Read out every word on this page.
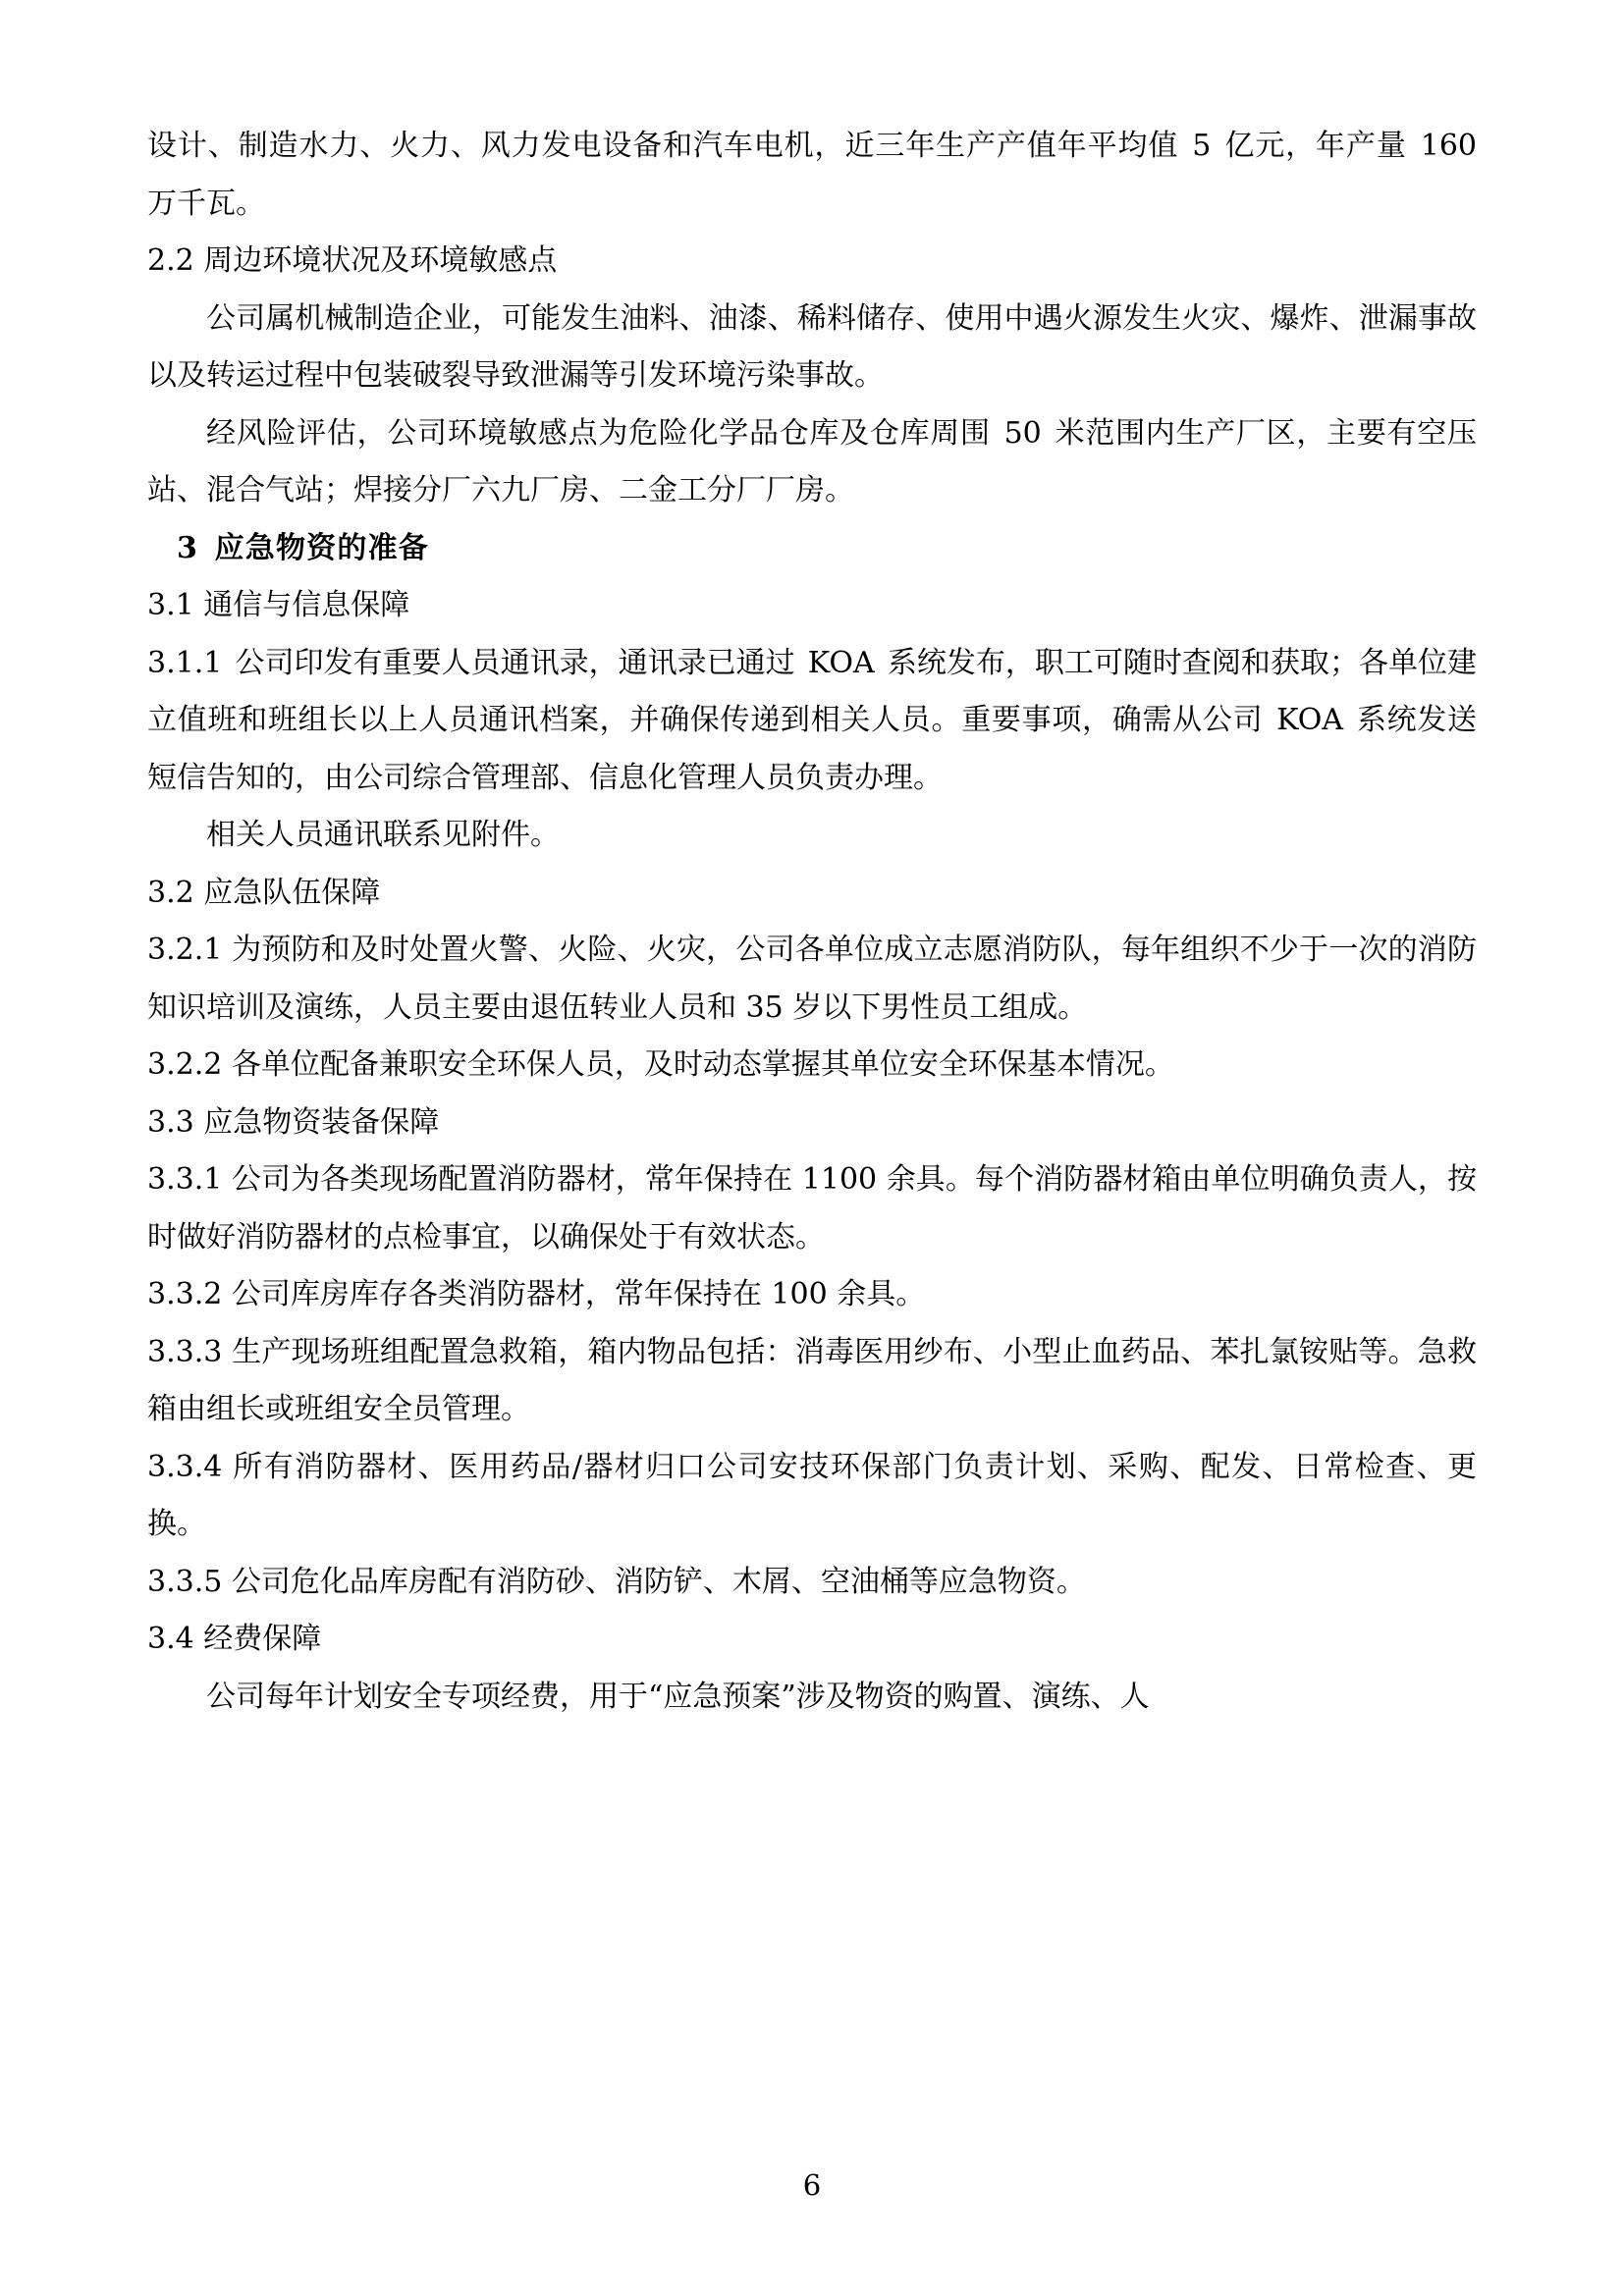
设计、制造水力、火力、风力发电设备和汽车电机，近三年生产产值年平均值 5 亿元，年产量 160 万千瓦。

2.2 周边环境状况及环境敏感点

公司属机械制造企业，可能发生油料、油漆、稀料储存、使用中遇火源发生火灾、爆炸、泄漏事故以及转运过程中包装破裂导致泄漏等引发环境污染事故。

经风险评估，公司环境敏感点为危险化学品仓库及仓库周围 50 米范围内生产厂区，主要有空压站、混合气站；焊接分厂六九厂房、二金工分厂厂房。

3 应急物资的准备

3.1 通信与信息保障

3.1.1 公司印发有重要人员通讯录，通讯录已通过 KOA 系统发布，职工可随时查阅和获取；各单位建立值班和班组长以上人员通讯档案，并确保传递到相关人员。重要事项，确需从公司 KOA 系统发送短信告知的，由公司综合管理部、信息化管理人员负责办理。

相关人员通讯联系见附件。

3.2 应急队伍保障

3.2.1 为预防和及时处置火警、火险、火灾，公司各单位成立志愿消防队，每年组织不少于一次的消防知识培训及演练，人员主要由退伍转业人员和 35 岁以下男性员工组成。

3.2.2 各单位配备兼职安全环保人员，及时动态掌握其单位安全环保基本情况。

3.3 应急物资装备保障

3.3.1 公司为各类现场配置消防器材，常年保持在 1100 余具。每个消防器材箱由单位明确负责人，按时做好消防器材的点检事宜，以确保处于有效状态。

3.3.2 公司库房库存各类消防器材，常年保持在 100 余具。

3.3.3 生产现场班组配置急救箱，箱内物品包括：消毒医用纱布、小型止血药品、苯扎氯铵贴等。急救箱由组长或班组安全员管理。

3.3.4 所有消防器材、医用药品/器材归口公司安技环保部门负责计划、采购、配发、日常检查、更换。

3.3.5 公司危化品库房配有消防砂、消防铲、木屑、空油桶等应急物资。

3.4 经费保障

公司每年计划安全专项经费，用于“应急预案”涉及物资的购置、演练、人

6
